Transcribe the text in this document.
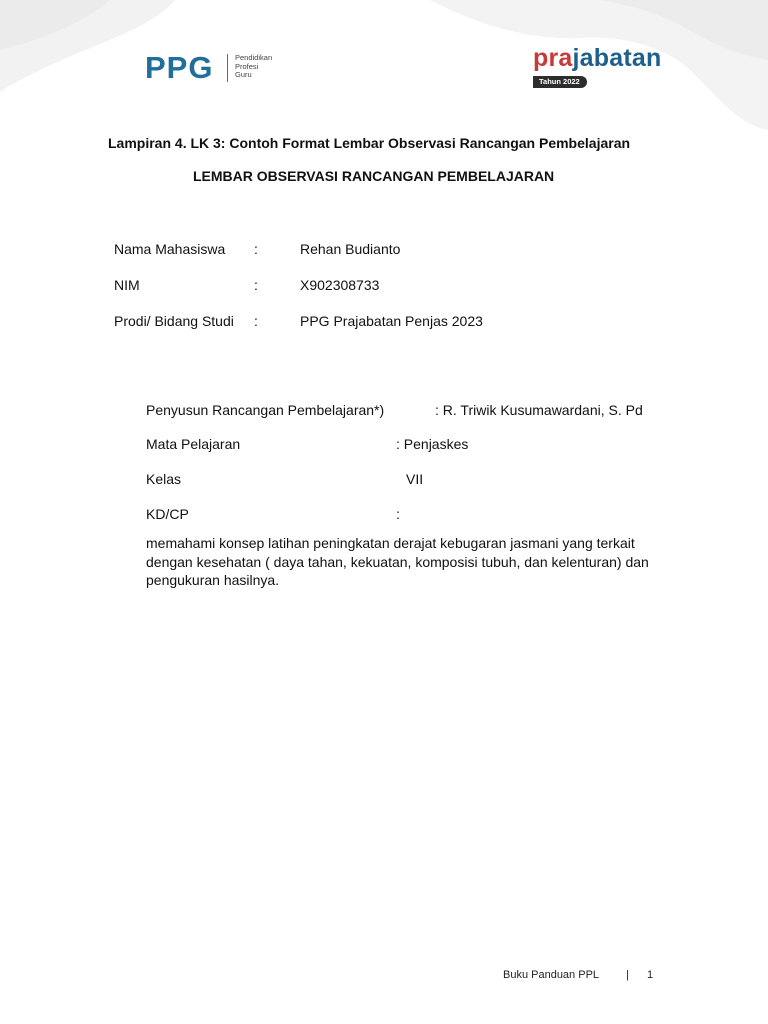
PPG	Pendidikan
Profesi
Guru
prajabatan
Tahun 2022
Lampiran 4. LK 3: Contoh Format Lembar Observasi Rancangan Pembelajaran
LEMBAR OBSERVASI RANCANGAN PEMBELAJARAN
Nama Mahasiswa :	Rehan Budianto
NIM	:	X902308733
Prodi/ Bidang Studi :	PPG Prajabatan Penjas 2023
Penyusun Rancangan Pembelajaran*)	: R. Triwik Kusumawardani, S. Pd
Mata Pelajaran	: Penjaskes
Kelas	VII
KD/CP	:
memahami konsep latihan peningkatan derajat kebugaran jasmani yang terkait dengan kesehatan ( daya tahan, kekuatan, komposisi tubuh, dan kelenturan) dan pengukuran hasilnya.
Buku Panduan PPL | 1
